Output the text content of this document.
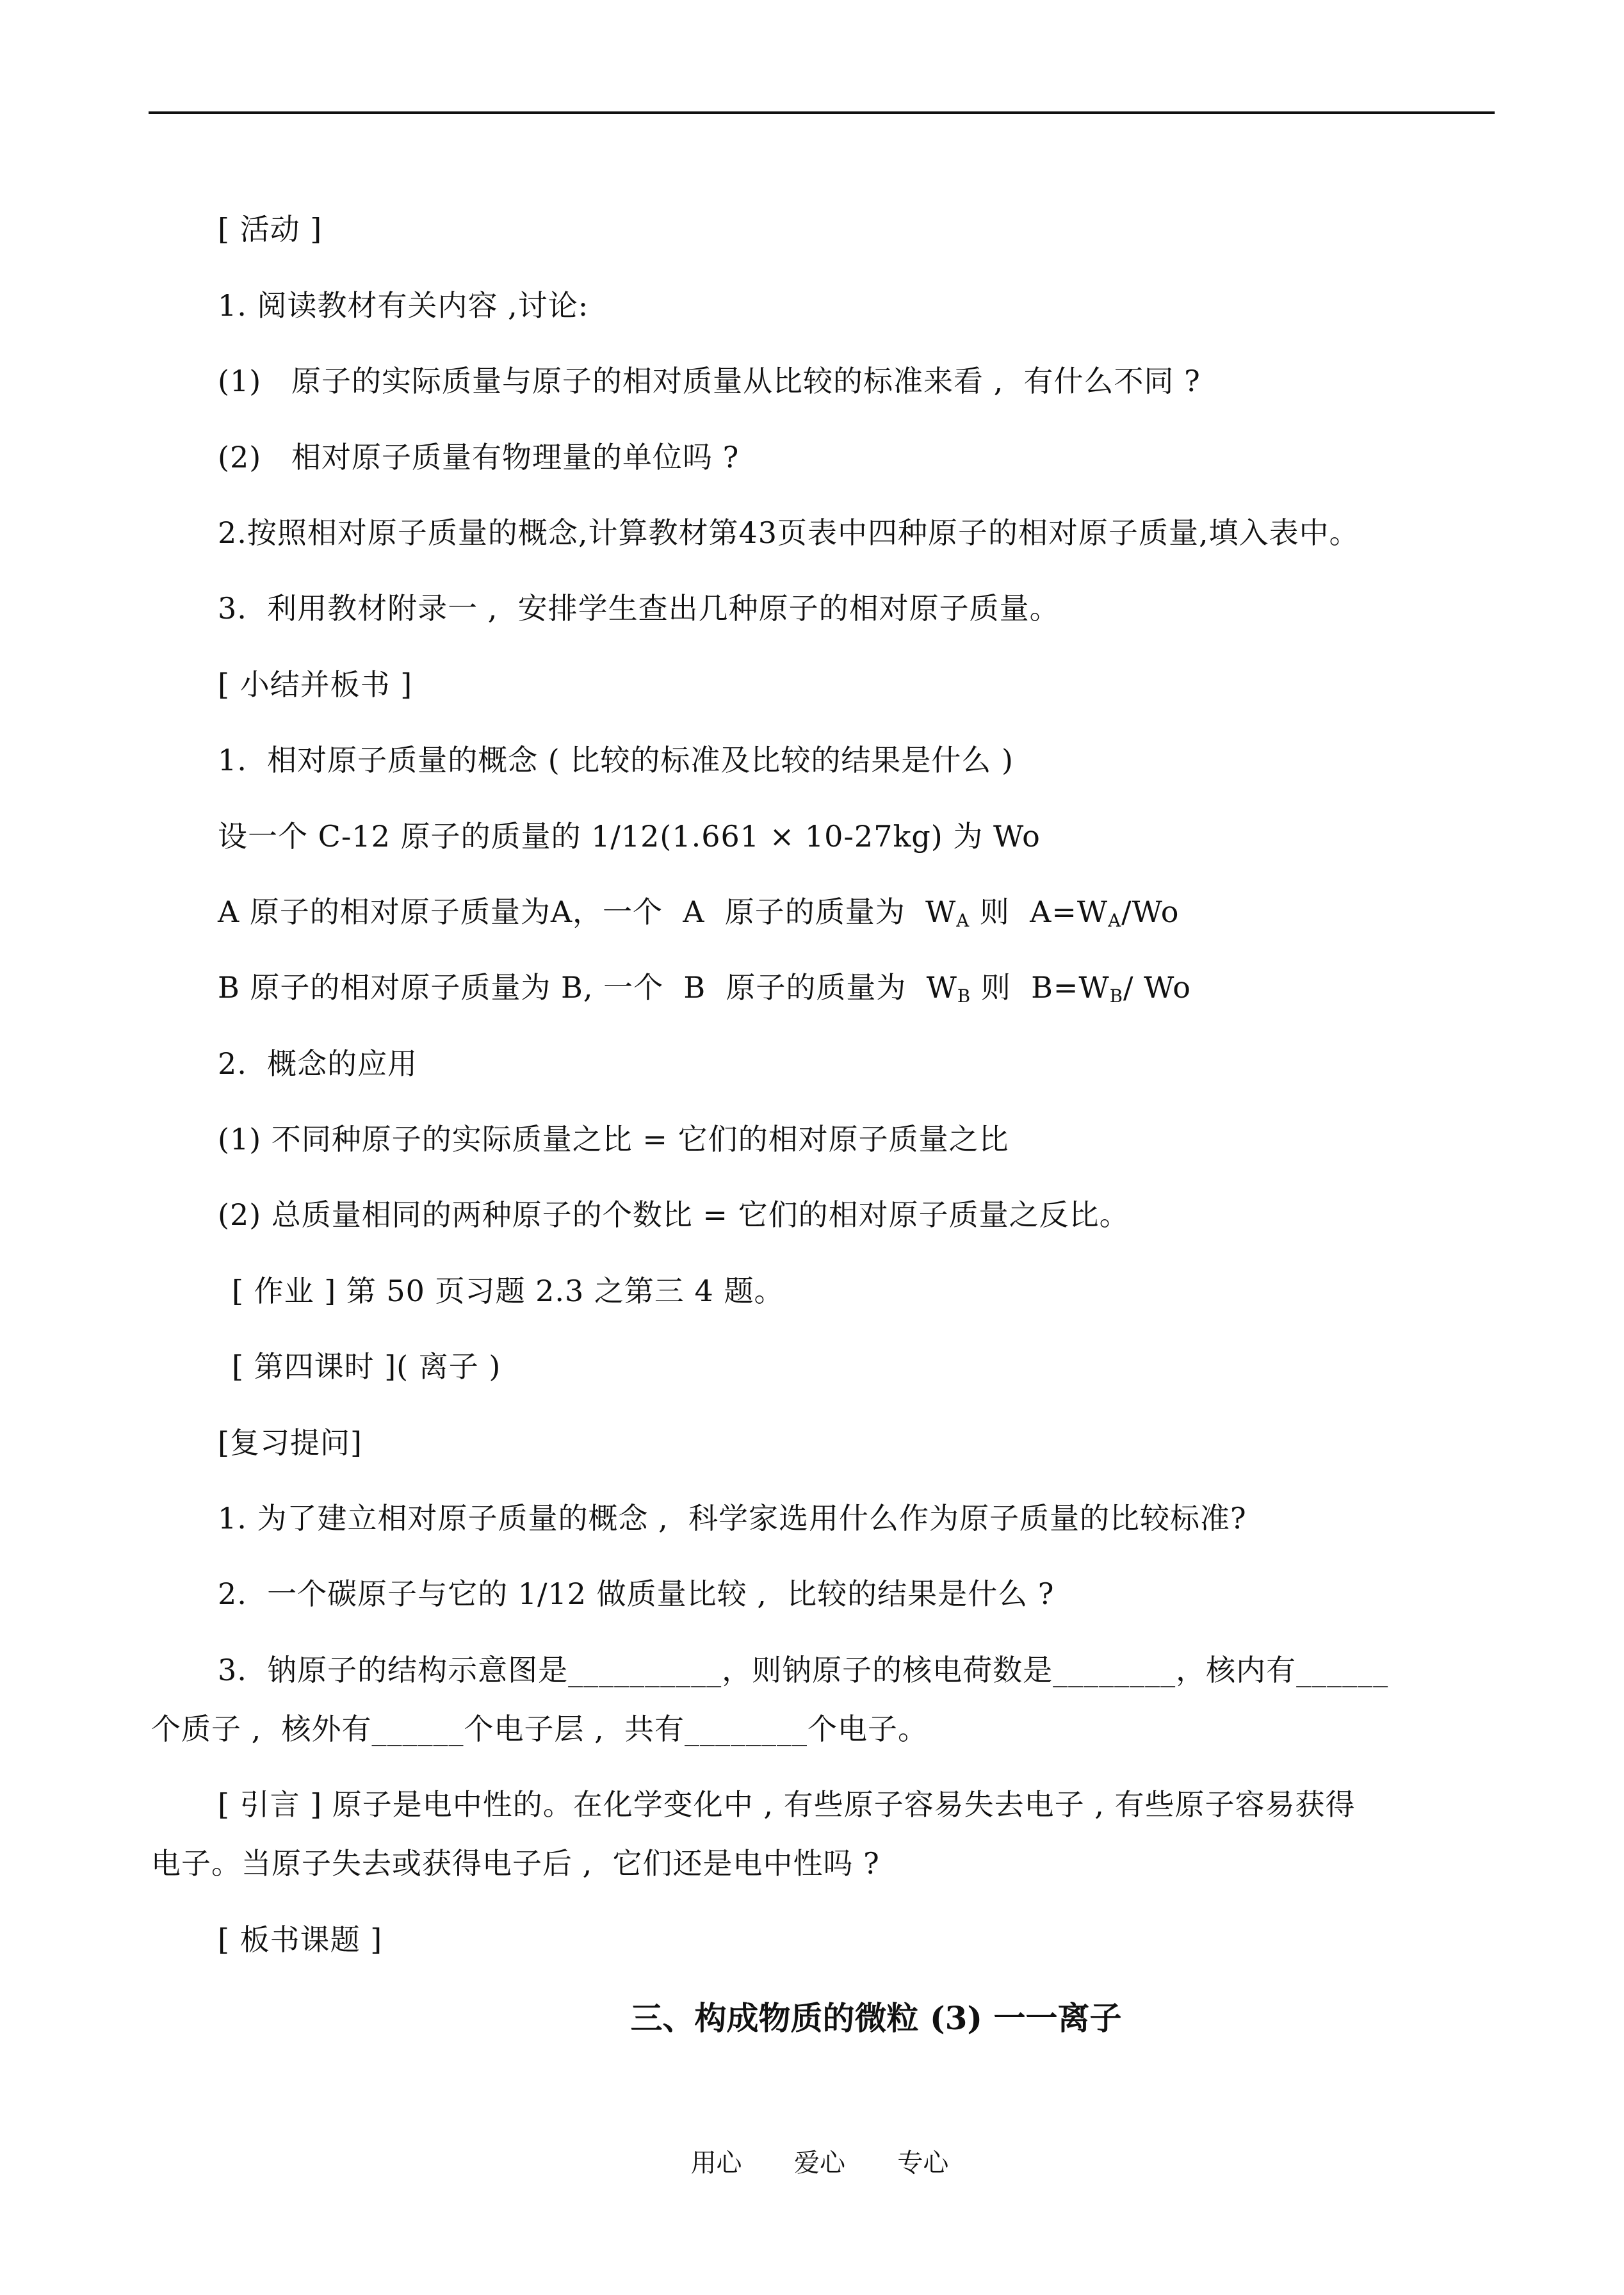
[ 活动 ]
1. 阅读教材有关内容 ,讨论:
(1)   原子的实际质量与原子的相对质量从比较的标准来看 ,  有什么不同 ?
(2)   相对原子质量有物理量的单位吗 ?
2.按照相对原子质量的概念,计算教材第43页表中四种原子的相对原子质量,填入表中。
3.  利用教材附录一 ,  安排学生查出几种原子的相对原子质量。
[ 小结并板书 ]
1.  相对原子质量的概念 ( 比较的标准及比较的结果是什么 )
设一个 C-12 原子的质量的 1/12(1.661 × 10-27kg) 为 Wo
A 原子的相对原子质量为A，一个  A  原子的质量为  $W_A$ 则  $A=W_A/Wo$
B 原子的相对原子质量为 B, 一个  B  原子的质量为  $W_B$ 则  $B=W_B/$ Wo
2.  概念的应用
(1) 不同种原子的实际质量之比 = 它们的相对原子质量之比
(2) 总质量相同的两种原子的个数比 = 它们的相对原子质量之反比。
[ 作业 ] 第 50 页习题 2.3 之第三 4 题。
[ 第四课时 ]( 离子 )
[复习提问]
1. 为了建立相对原子质量的概念 ,  科学家选用什么作为原子质量的比较标准?
2.  一个碳原子与它的 1/12 做质量比较 ,  比较的结果是什么 ?
3.  钠原子的结构示意图是__________，则钠原子的核电荷数是________，核内有______
个质子 ,  核外有______个电子层 ,  共有________个电子。
[ 引言 ] 原子是电中性的。在化学变化中 , 有些原子容易失去电子 , 有些原子容易获得
电子。当原子失去或获得电子后 ,  它们还是电中性吗 ?
[ 板书课题 ]
三、构成物质的微粒 (3) 一一离子
用心  爱心  专心
